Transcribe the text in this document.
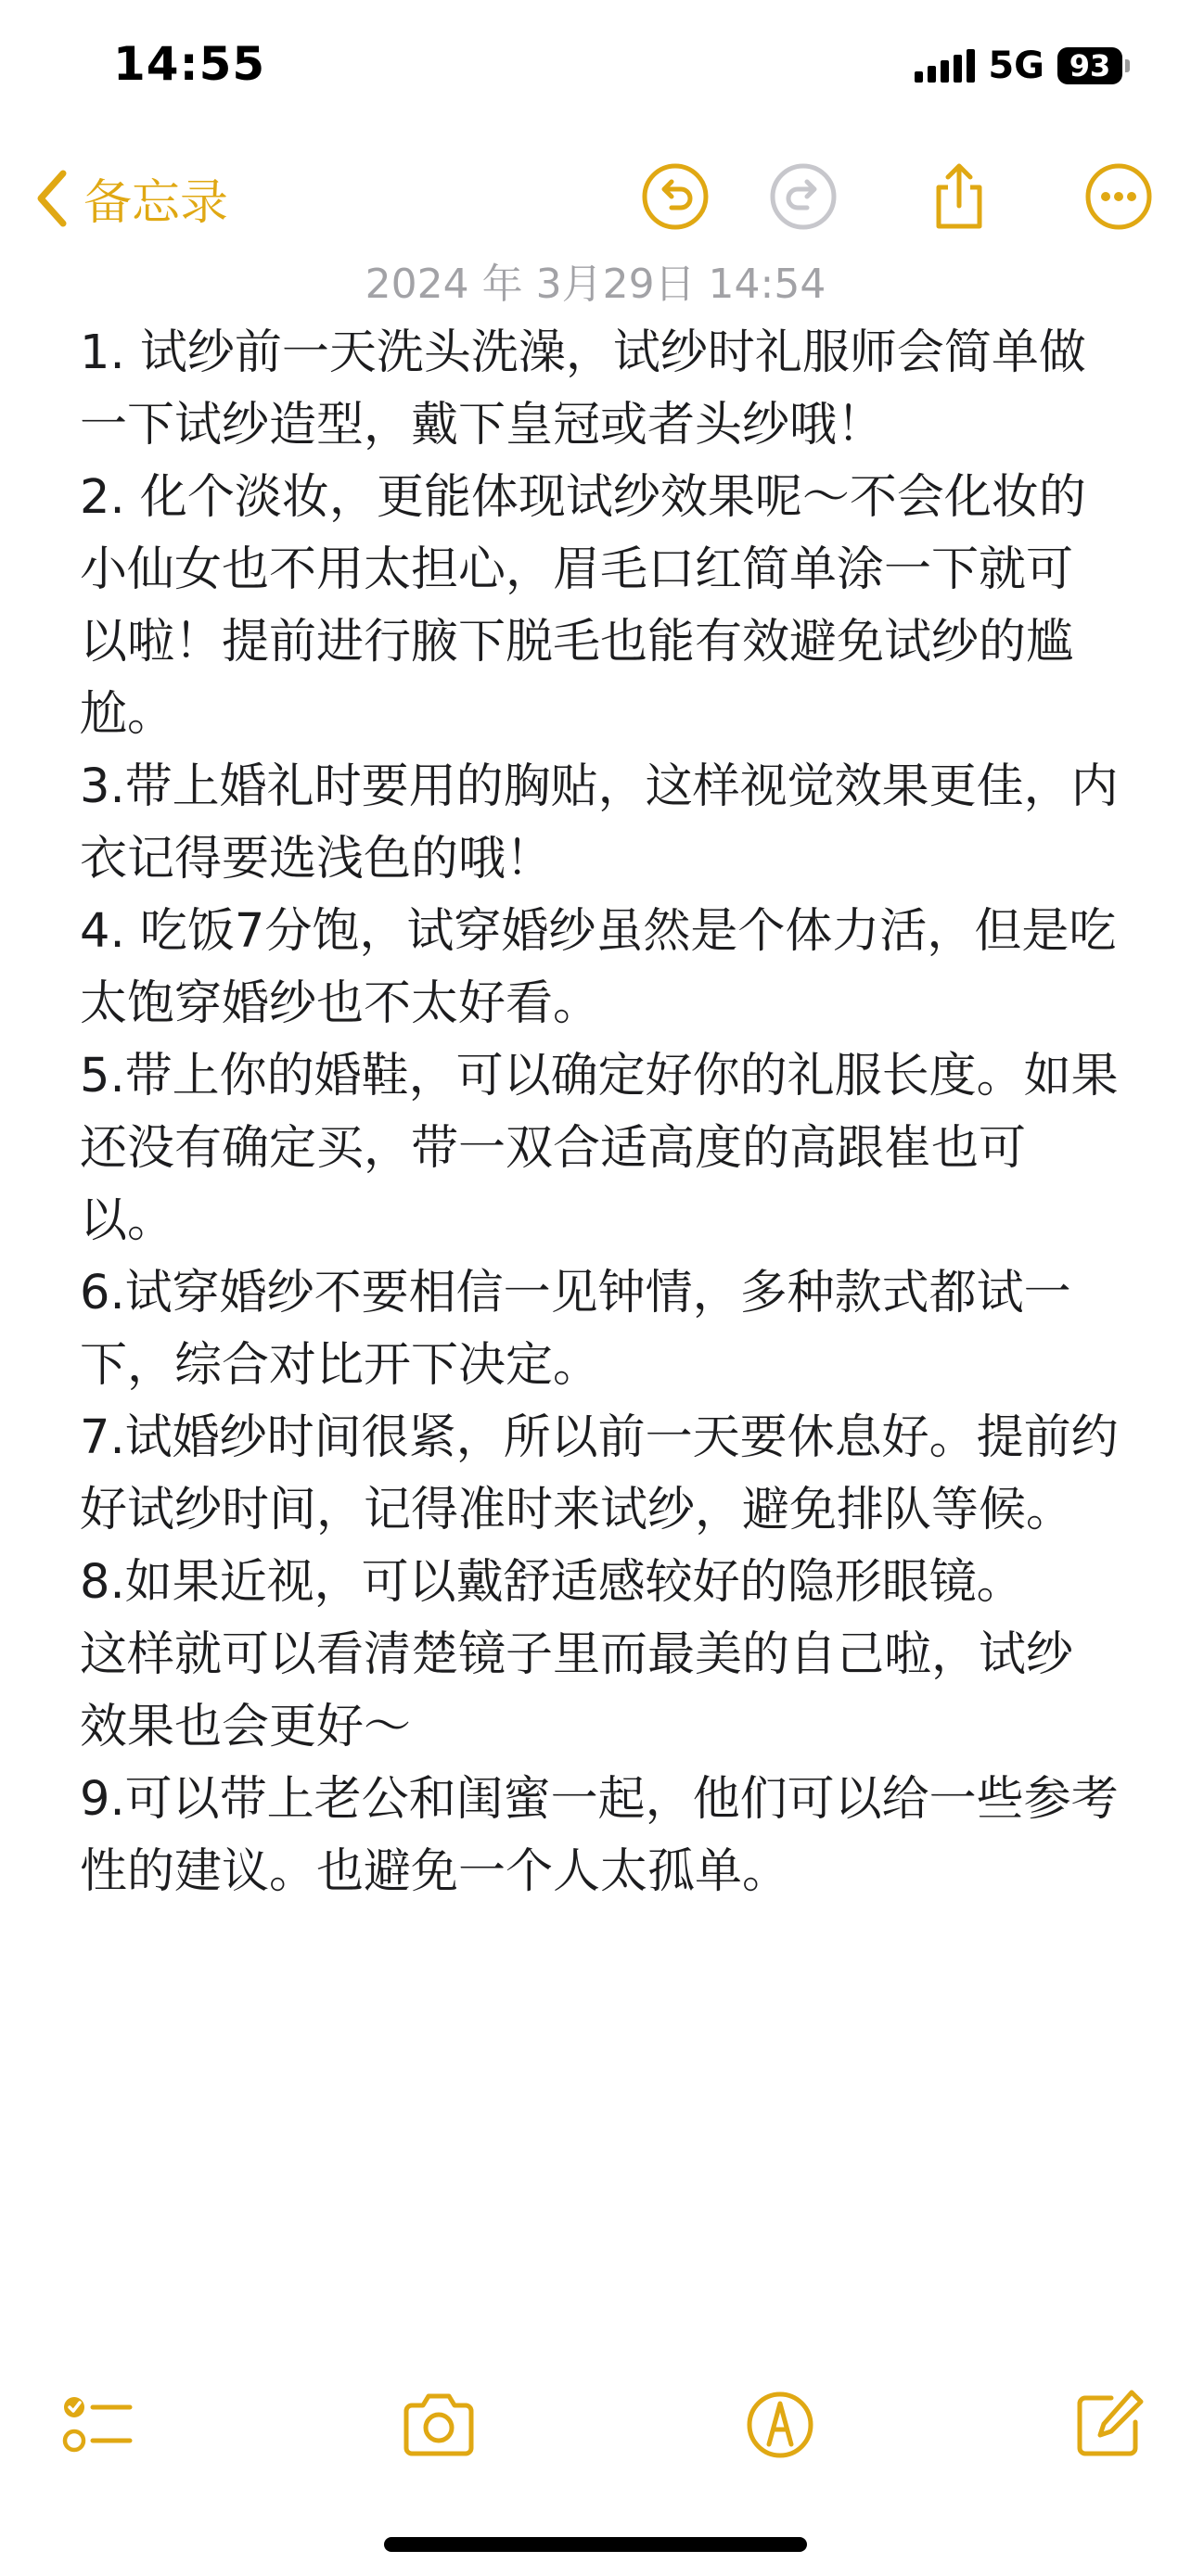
14:55	5G 93
备忘录
2024 年 3月29日 14:54

1. 试纱前一天洗头洗澡，试纱时礼服师会简单做一下试纱造型，戴下皇冠或者头纱哦！

2. 化个淡妆，更能体现试纱效果呢～不会化妆的小仙女也不用太担心，眉毛口红简单涂一下就可以啦！提前进行腋下脱毛也能有效避免试纱的尴尬。

3.带上婚礼时要用的胸贴，这样视觉效果更佳，内衣记得要选浅色的哦！

4. 吃饭7分饱，试穿婚纱虽然是个体力活，但是吃太饱穿婚纱也不太好看。

5.带上你的婚鞋，可以确定好你的礼服长度。如果还没有确定买，带一双合适高度的高跟崔也可以。

6.试穿婚纱不要相信一见钟情，多种款式都试一下，综合对比开下决定。

7.试婚纱时间很紧，所以前一天要休息好。提前约好试纱时间，记得准时来试纱，避免排队等候。

8.如果近视，可以戴舒适感较好的隐形眼镜。
这样就可以看清楚镜子里而最美的自己啦，试纱效果也会更好～

9.可以带上老公和闺蜜一起，他们可以给一些参考性的建议。也避免一个人太孤单。
